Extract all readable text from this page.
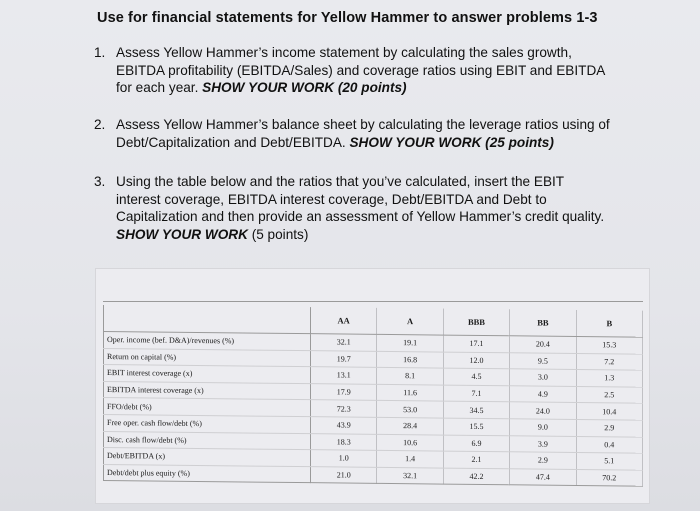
Use for financial statements for Yellow Hammer to answer problems 1-3
1. Assess Yellow Hammer’s income statement by calculating the sales growth, EBITDA profitability (EBITDA/Sales) and coverage ratios using EBIT and EBITDA for each year. SHOW YOUR WORK (20 points)
2. Assess Yellow Hammer’s balance sheet by calculating the leverage ratios using of Debt/Capitalization and Debt/EBITDA. SHOW YOUR WORK (25 points)
3. Using the table below and the ratios that you’ve calculated, insert the EBIT interest coverage, EBITDA interest coverage, Debt/EBITDA and Debt to Capitalization and then provide an assessment of Yellow Hammer’s credit quality. SHOW YOUR WORK (5 points)
	AA	A	BBB	BB	B
Oper. income (bef. D&A)/revenues (%)	32.1	19.1	17.1	20.4	15.3
Return on capital (%)	19.7	16.8	12.0	9.5	7.2
EBIT interest coverage (x)	13.1	8.1	4.5	3.0	1.3
EBITDA interest coverage (x)	17.9	11.6	7.1	4.9	2.5
FFO/debt (%)	72.3	53.0	34.5	24.0	10.4
Free oper. cash flow/debt (%)	43.9	28.4	15.5	9.0	2.9
Disc. cash flow/debt (%)	18.3	10.6	6.9	3.9	0.4
Debt/EBITDA (x)	1.0	1.4	2.1	2.9	5.1
Debt/debt plus equity (%)	21.0	32.1	42.2	47.4	70.2
